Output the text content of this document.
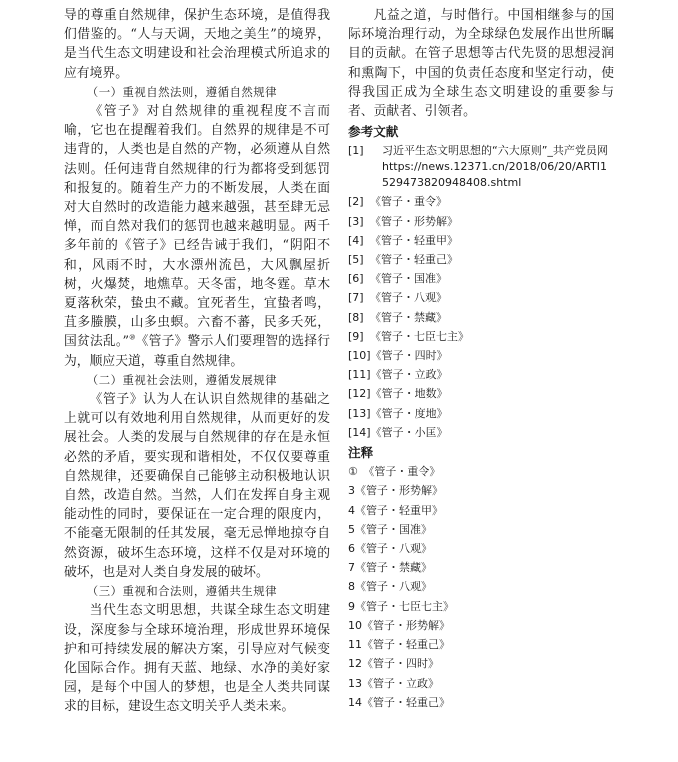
导的尊重自然规律，保护生态环境，是值得我们借鉴的。“人与天调，天地之美生”的境界，是当代生态文明建设和社会治理模式所追求的应有境界。

（一）重视自然法则，遵循自然规律

《管子》对自然规律的重视程度不言而喻，它也在提醒着我们。自然界的规律是不可违背的，人类也是自然的产物，必须遵从自然法则。任何违背自然规律的行为都将受到惩罚和报复的。随着生产力的不断发展，人类在面对大自然时的改造能力越来越强，甚至肆无忌惮，而自然对我们的惩罚也越来越明显。两千多年前的《管子》已经告诫于我们，“阴阳不和，风雨不时，大水漂州流邑，大风飘屋折树，火爆焚，地燋草。天冬雷，地冬霆。草木夏落秋荣，蛰虫不藏。宜死者生，宜蛰者鸣，苴多螣膜，山多虫螟。六畜不蕃，民多夭死，国贫法乱。”⑩《管子》警示人们要理智的选择行为，顺应天道，尊重自然规律。

（二）重视社会法则，遵循发展规律

《管子》认为人在认识自然规律的基础之上就可以有效地利用自然规律，从而更好的发展社会。人类的发展与自然规律的存在是永恒必然的矛盾，要实现和谐相处，不仅仅要尊重自然规律，还要确保自己能够主动积极地认识自然，改造自然。当然，人们在发挥自身主观能动性的同时，要保证在一定合理的限度内，不能毫无限制的任其发展，毫无忌惮地掠夺自然资源，破坏生态环境，这样不仅是对环境的破坏，也是对人类自身发展的破坏。

（三）重视和合法则，遵循共生规律

当代生态文明思想，共谋全球生态文明建设，深度参与全球环境治理，形成世界环境保护和可持续发展的解决方案，引导应对气候变化国际合作。拥有天蓝、地绿、水净的美好家园，是每个中国人的梦想，也是全人类共同谋求的目标，建设生态文明关乎人类未来。

凡益之道，与时偕行。中国相继参与的国际环境治理行动，为全球绿色发展作出世所瞩目的贡献。在管子思想等古代先贤的思想浸润和熏陶下，中国的负责任态度和坚定行动，使得我国正成为全球生态文明建设的重要参与者、贡献者、引领者。

参考文献
[1]	习近平生态文明思想的“六大原则”_共产党员网 https://news.12371.cn/2018/06/20/ARTI1529473820948408.shtml
[2] 《管子・重令》
[3] 《管子・形势解》
[4] 《管子・轻重甲》
[5] 《管子・轻重己》
[6] 《管子・国准》
[7] 《管子・八观》
[8] 《管子・禁藏》
[9] 《管子・七臣七主》
[10] 《管子・四时》
[11] 《管子・立政》
[12] 《管子・地数》
[13] 《管子・度地》
[14] 《管子・小匡》
注释
①　《管子・重令》
3《管子・形势解》
4《管子・轻重甲》
5《管子・国准》
6《管子・八观》
7《管子・禁藏》
8《管子・八观》
9《管子・七臣七主》
10《管子・形势解》
11《管子・轻重己》
12《管子・四时》
13《管子・立政》
14《管子・轻重己》
